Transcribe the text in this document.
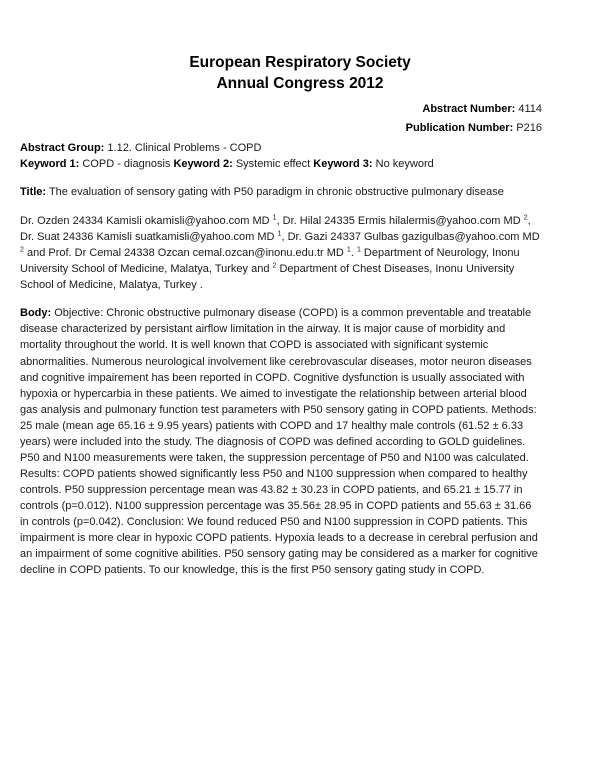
European Respiratory Society
Annual Congress 2012
Abstract Number: 4114
Publication Number: P216

Abstract Group: 1.12. Clinical Problems - COPD

Keyword 1: COPD - diagnosis Keyword 2: Systemic effect Keyword 3: No keyword

Title: The evaluation of sensory gating with P50 paradigm in chronic obstructive pulmonary disease

Dr. Ozden 24334 Kamisli okamisli@yahoo.com MD $^1$, Dr. Hilal 24335 Ermis hilalermis@yahoo.com MD $^2$, Dr. Suat 24336 Kamisli suatkamisli@yahoo.com MD $^1$, Dr. Gazi 24337 Gulbas gazigulbas@yahoo.com MD $^2$ and Prof. Dr Cemal 24338 Ozcan cemal.ozcan@inonu.edu.tr MD $^1$. $^1$ Department of Neurology, Inonu University School of Medicine, Malatya, Turkey and $^2$ Department of Chest Diseases, Inonu University School of Medicine, Malatya, Turkey .

Body: Objective: Chronic obstructive pulmonary disease (COPD) is a common preventable and treatable disease characterized by persistant airflow limitation in the airway. It is major cause of morbidity and mortality throughout the world. It is well known that COPD is associated with significant systemic abnormalities. Numerous neurological involvement like cerebrovascular diseases, motor neuron diseases and cognitive impairement has been reported in COPD. Cognitive dysfunction is usually associated with hypoxia or hypercarbia in these patients. We aimed to investigate the relationship between arterial blood gas analysis and pulmonary function test parameters with P50 sensory gating in COPD patients. Methods: 25 male (mean age 65.16 ± 9.95 years) patients with COPD and 17 healthy male controls (61.52 ± 6.33 years) were included into the study. The diagnosis of COPD was defined according to GOLD guidelines. P50 and N100 measurements were taken, the suppression percentage of P50 and N100 was calculated. Results: COPD patients showed significantly less P50 and N100 suppression when compared to healthy controls. P50 suppression percentage mean was 43.82 ± 30.23 in COPD patients, and 65.21 ± 15.77 in controls (p=0.012). N100 suppression percentage was 35.56± 28.95 in COPD patients and 55.63 ± 31.66 in controls (p=0.042). Conclusion: We found reduced P50 and N100 suppression in COPD patients. This impairment is more clear in hypoxic COPD patients. Hypoxia leads to a decrease in cerebral perfusion and an impairment of some cognitive abilities. P50 sensory gating may be considered as a marker for cognitive decline in COPD patients. To our knowledge, this is the first P50 sensory gating study in COPD.
